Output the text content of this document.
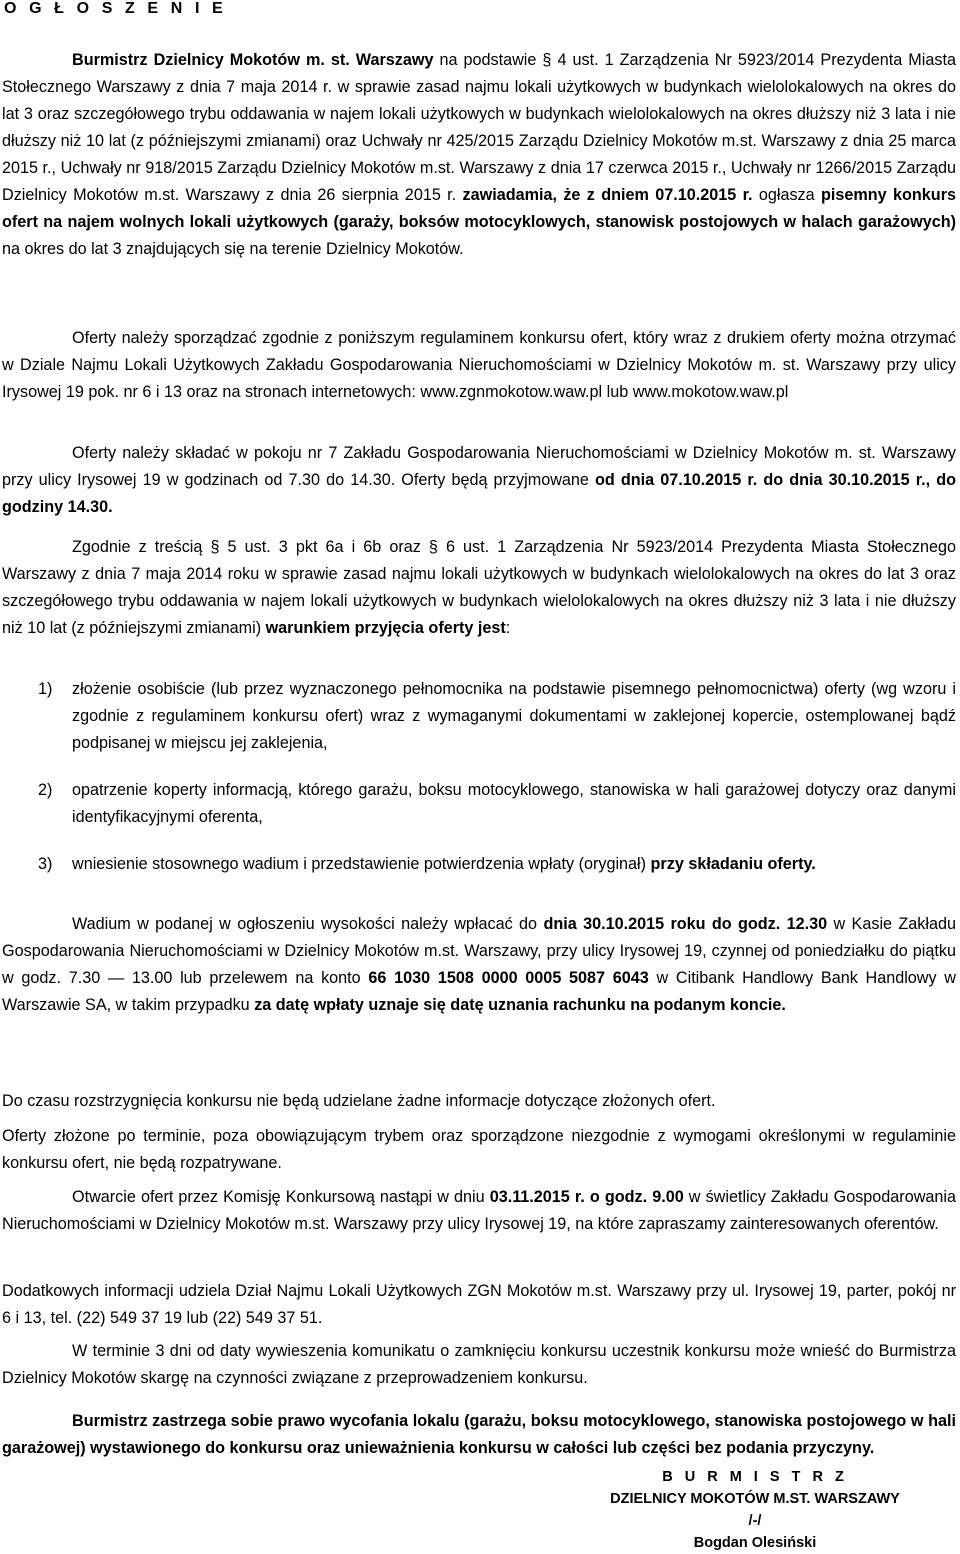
O G Ł O S Z E N I E

Burmistrz Dzielnicy Mokotów m. st. Warszawy na podstawie § 4 ust. 1 Zarządzenia Nr 5923/2014 Prezydenta Miasta Stołecznego Warszawy z dnia 7 maja 2014 r. w sprawie zasad najmu lokali użytkowych w budynkach wielolokalowych na okres do lat 3 oraz szczegółowego trybu oddawania w najem lokali użytkowych w budynkach wielolokalowych na okres dłuższy niż 3 lata i nie dłuższy niż 10 lat (z późniejszymi zmianami) oraz Uchwały nr 425/2015 Zarządu Dzielnicy Mokotów m.st. Warszawy z dnia 25 marca 2015 r., Uchwały nr 918/2015 Zarządu Dzielnicy Mokotów m.st. Warszawy z dnia 17 czerwca 2015 r., Uchwały nr 1266/2015 Zarządu Dzielnicy Mokotów m.st. Warszawy z dnia 26 sierpnia 2015 r. zawiadamia, że z dniem 07.10.2015 r. ogłasza pisemny konkurs ofert na najem wolnych lokali użytkowych (garaży, boksów motocyklowych, stanowisk postojowych w halach garażowych) na okres do lat 3 znajdujących się na terenie Dzielnicy Mokotów.

Oferty należy sporządzać zgodnie z poniższym regulaminem konkursu ofert, który wraz z drukiem oferty można otrzymać w Dziale Najmu Lokali Użytkowych Zakładu Gospodarowania Nieruchomościami w Dzielnicy Mokotów m. st. Warszawy przy ulicy Irysowej 19 pok. nr 6 i 13 oraz na stronach internetowych: www.zgnmokotow.waw.pl lub www.mokotow.waw.pl

Oferty należy składać w pokoju nr 7 Zakładu Gospodarowania Nieruchomościami w Dzielnicy Mokotów m. st. Warszawy przy ulicy Irysowej 19 w godzinach od 7.30 do 14.30. Oferty będą przyjmowane od dnia 07.10.2015 r. do dnia 30.10.2015 r., do godziny 14.30.

Zgodnie z treścią § 5 ust. 3 pkt 6a i 6b oraz § 6 ust. 1 Zarządzenia Nr 5923/2014 Prezydenta Miasta Stołecznego Warszawy z dnia 7 maja 2014 roku w sprawie zasad najmu lokali użytkowych w budynkach wielolokalowych na okres do lat 3 oraz szczegółowego trybu oddawania w najem lokali użytkowych w budynkach wielolokalowych na okres dłuższy niż 3 lata i nie dłuższy niż 10 lat (z późniejszymi zmianami) warunkiem przyjęcia oferty jest:

1) złożenie osobiście (lub przez wyznaczonego pełnomocnika na podstawie pisemnego pełnomocnictwa) oferty (wg wzoru i zgodnie z regulaminem konkursu ofert) wraz z wymaganymi dokumentami w zaklejonej kopercie, ostemplowanej bądź podpisanej w miejscu jej zaklejenia,
2) opatrzenie koperty informacją, którego garażu, boksu motocyklowego, stanowiska w hali garażowej dotyczy oraz danymi identyfikacyjnymi oferenta,
3) wniesienie stosownego wadium i przedstawienie potwierdzenia wpłaty (oryginał) przy składaniu oferty.

Wadium w podanej w ogłoszeniu wysokości należy wpłacać do dnia 30.10.2015 roku do godz. 12.30 w Kasie Zakładu Gospodarowania Nieruchomościami w Dzielnicy Mokotów m.st. Warszawy, przy ulicy Irysowej 19, czynnej od poniedziałku do piątku w godz. 7.30 — 13.00 lub przelewem na konto 66 1030 1508 0000 0005 5087 6043 w Citibank Handlowy Bank Handlowy w Warszawie SA, w takim przypadku za datę wpłaty uznaje się datę uznania rachunku na podanym koncie.

Do czasu rozstrzygnięcia konkursu nie będą udzielane żadne informacje dotyczące złożonych ofert.

Oferty złożone po terminie, poza obowiązującym trybem oraz sporządzone niezgodnie z wymogami określonymi w regulaminie konkursu ofert, nie będą rozpatrywane.

Otwarcie ofert przez Komisję Konkursową nastąpi w dniu 03.11.2015 r. o godz. 9.00 w świetlicy Zakładu Gospodarowania Nieruchomościami w Dzielnicy Mokotów m.st. Warszawy przy ulicy Irysowej 19, na które zapraszamy zainteresowanych oferentów.

Dodatkowych informacji udziela Dział Najmu Lokali Użytkowych ZGN Mokotów m.st. Warszawy przy ul. Irysowej 19, parter, pokój nr 6 i 13, tel. (22) 549 37 19 lub (22) 549 37 51.

W terminie 3 dni od daty wywieszenia komunikatu o zamknięciu konkursu uczestnik konkursu może wnieść do Burmistrza Dzielnicy Mokotów skargę na czynności związane z przeprowadzeniem konkursu.

Burmistrz zastrzega sobie prawo wycofania lokalu (garażu, boksu motocyklowego, stanowiska postojowego w hali garażowej) wystawionego do konkursu oraz unieważnienia konkursu w całości lub części bez podania przyczyny.

B U R M I S T R Z
DZIELNICY MOKOTÓW M.ST. WARSZAWY
/-/
Bogdan Olesiński
